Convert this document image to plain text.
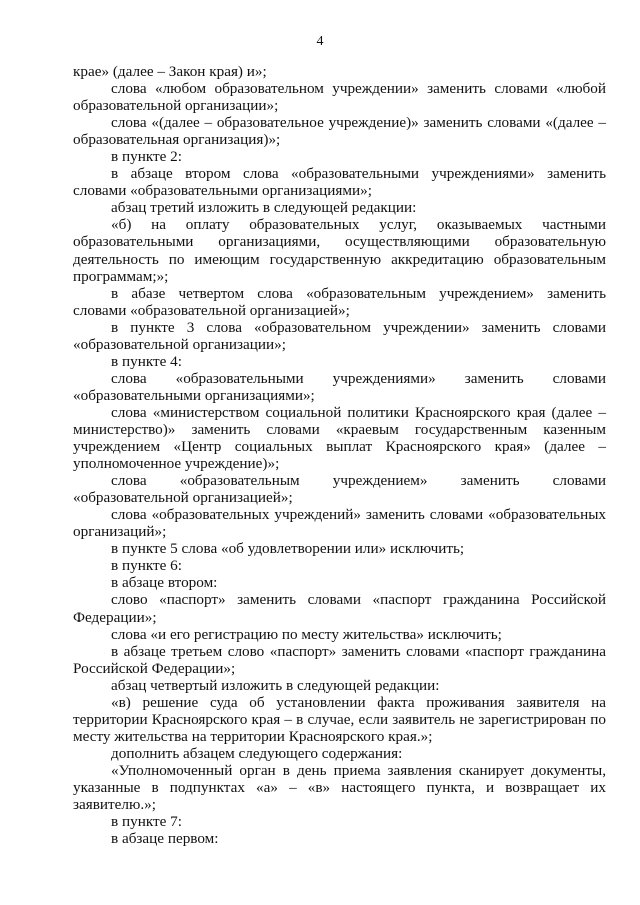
4

крае» (далее – Закон края) и»;

слова «любом образовательном учреждении» заменить словами «любой образовательной организации»;

слова «(далее – образовательное учреждение)» заменить словами «(далее – образовательная организация)»;

в пункте 2:

в абзаце втором слова «образовательными учреждениями» заменить словами «образовательными организациями»;

абзац третий изложить в следующей редакции:

«б) на оплату образовательных услуг, оказываемых частными образовательными организациями, осуществляющими образовательную деятельность по имеющим государственную аккредитацию образовательным программам;»;

в абазе четвертом слова «образовательным учреждением» заменить словами «образовательной организацией»;

в пункте 3 слова «образовательном учреждении» заменить словами «образовательной организации»;

в пункте 4:

слова «образовательными учреждениями» заменить словами «образовательными организациями»;

слова «министерством социальной политики Красноярского края (далее – министерство)» заменить словами «краевым государственным казенным учреждением «Центр социальных выплат Красноярского края» (далее – уполномоченное учреждение)»;

слова «образовательным учреждением» заменить словами «образовательной организацией»;

слова «образовательных учреждений» заменить словами «образовательных организаций»;

в пункте 5 слова «об удовлетворении или» исключить;

в пункте 6:

в абзаце втором:

слово «паспорт» заменить словами «паспорт гражданина Российской Федерации»;

слова «и его регистрацию по месту жительства» исключить;

в абзаце третьем слово «паспорт» заменить словами «паспорт гражданина Российской Федерации»;

абзац четвертый изложить в следующей редакции:

«в) решение суда об установлении факта проживания заявителя на территории Красноярского края – в случае, если заявитель не зарегистрирован по месту жительства на территории Красноярского края.»;

дополнить абзацем следующего содержания:

«Уполномоченный орган в день приема заявления сканирует документы, указанные в подпунктах «а» – «в» настоящего пункта, и возвращает их заявителю.»;

в пункте 7:

в абзаце первом:
